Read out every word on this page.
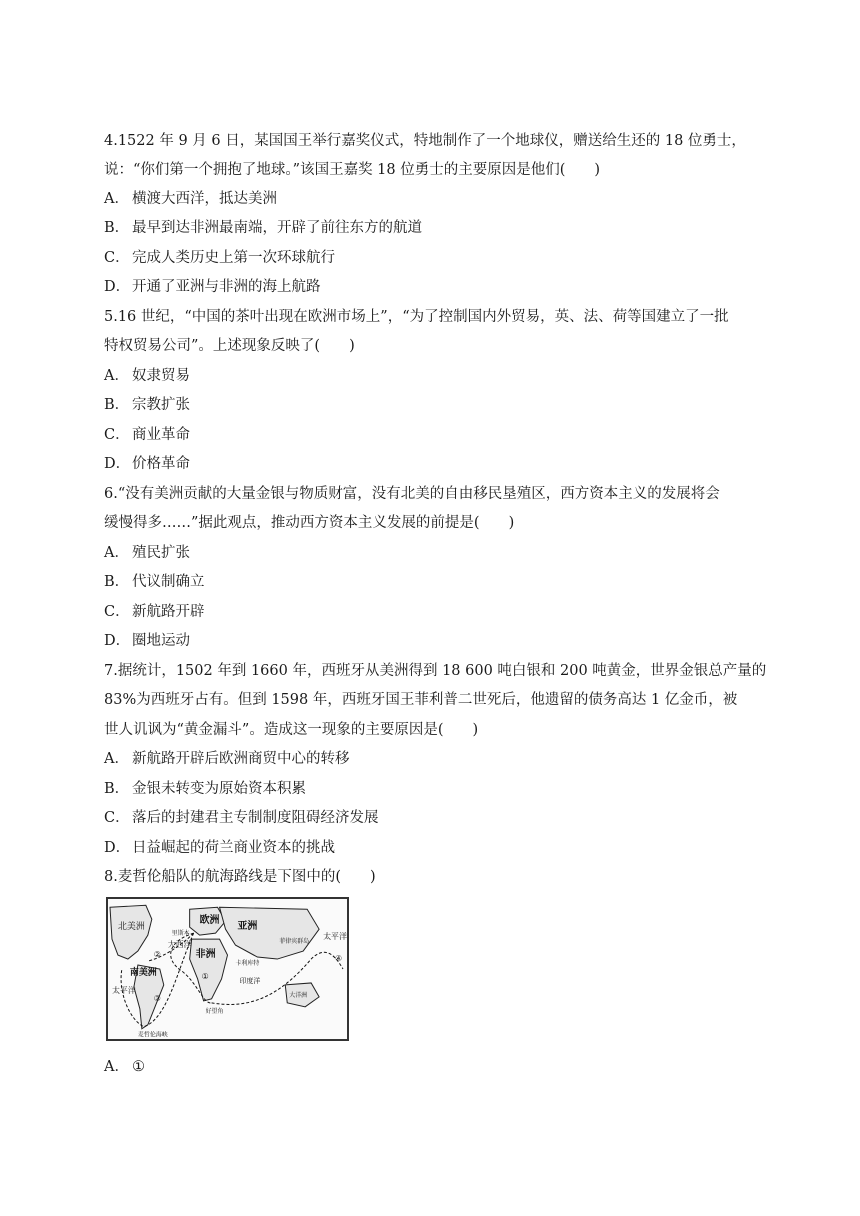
4.1522 年 9 月 6 日，某国国王举行嘉奖仪式，特地制作了一个地球仪，赠送给生还的 18 位勇士，
说：“你们第一个拥抱了地球。”该国王嘉奖 18 位勇士的主要原因是他们(　　)
A． 横渡大西洋，抵达美洲
B． 最早到达非洲最南端，开辟了前往东方的航道
C． 完成人类历史上第一次环球航行
D． 开通了亚洲与非洲的海上航路
5.16 世纪，“中国的茶叶出现在欧洲市场上”，“为了控制国内外贸易，英、法、荷等国建立了一批
特权贸易公司”。上述现象反映了(　　)
A． 奴隶贸易
B． 宗教扩张
C． 商业革命
D． 价格革命
6.“没有美洲贡献的大量金银与物质财富，没有北美的自由移民垦殖区，西方资本主义的发展将会
缓慢得多……”据此观点，推动西方资本主义发展的前提是(　　)
A． 殖民扩张
B． 代议制确立
C． 新航路开辟
D． 圈地运动
7.据统计，1502 年到 1660 年，西班牙从美洲得到 18 600 吨白银和 200 吨黄金，世界金银总产量的
83%为西班牙占有。但到 1598 年，西班牙国王菲利普二世死后，他遗留的债务高达 1 亿金币，被
世人讥讽为“黄金漏斗”。造成这一现象的主要原因是(　　)
A． 新航路开辟后欧洲商贸中心的转移
B． 金银未转变为原始资本积累
C． 落后的封建君主专制制度阻碍经济发展
D． 日益崛起的荷兰商业资本的挑战
8.麦哲伦船队的航海路线是下图中的(　　)
北美洲
欧洲
亚洲
非洲
南美洲
大洋洲
大西洋
太平洋
太平洋
印度洋
好望角
麦哲伦海峡
里斯本
菲律宾群岛
卡利库特
①
②
③
④
A． ①
